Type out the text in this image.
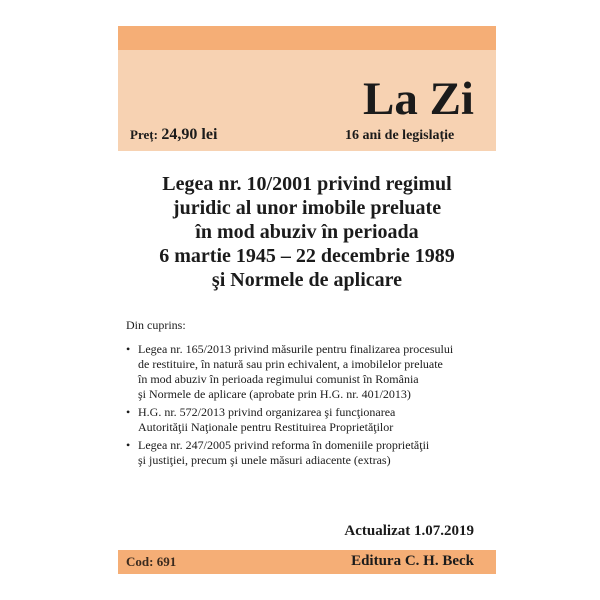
Preț: 24,90 lei
La Zi
16 ani de legislație
Legea nr. 10/2001 privind regimul
juridic al unor imobile preluate
în mod abuziv în perioada
6 martie 1945 – 22 decembrie 1989
şi Normele de aplicare
Din cuprins:
• Legea nr. 165/2013 privind măsurile pentru finalizarea procesului
de restituire, în natură sau prin echivalent, a imobilelor preluate
în mod abuziv în perioada regimului comunist în România
şi Normele de aplicare (aprobate prin H.G. nr. 401/2013)
• H.G. nr. 572/2013 privind organizarea şi funcţionarea
Autorităţii Naţionale pentru Restituirea Proprietăţilor
• Legea nr. 247/2005 privind reforma în domeniile proprietăţii
şi justiţiei, precum şi unele măsuri adiacente (extras)
Actualizat 1.07.2019
Cod: 691	Editura C. H. Beck
